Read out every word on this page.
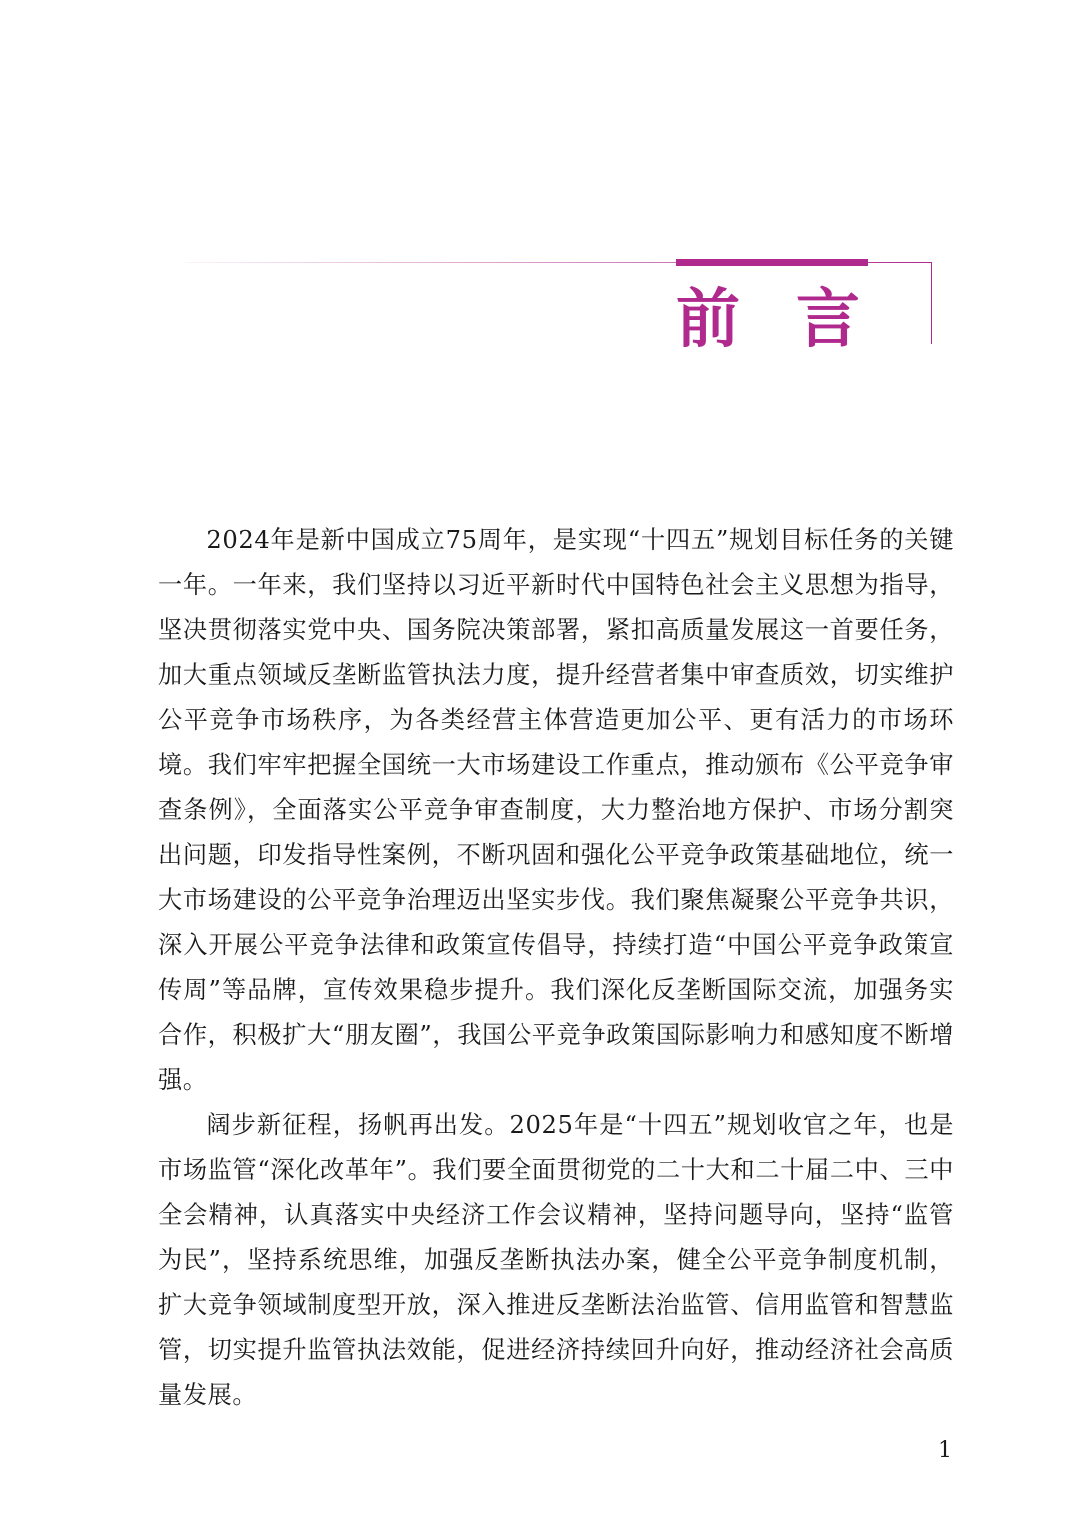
前言

2024年是新中国成立75周年，是实现“十四五”规划目标任务的关键一年。一年来，我们坚持以习近平新时代中国特色社会主义思想为指导，坚决贯彻落实党中央、国务院决策部署，紧扣高质量发展这一首要任务，加大重点领域反垄断监管执法力度，提升经营者集中审查质效，切实维护公平竞争市场秩序，为各类经营主体营造更加公平、更有活力的市场环境。我们牢牢把握全国统一大市场建设工作重点，推动颁布《公平竞争审查条例》，全面落实公平竞争审查制度，大力整治地方保护、市场分割突出问题，印发指导性案例，不断巩固和强化公平竞争政策基础地位，统一大市场建设的公平竞争治理迈出坚实步伐。我们聚焦凝聚公平竞争共识，深入开展公平竞争法律和政策宣传倡导，持续打造“中国公平竞争政策宣传周”等品牌，宣传效果稳步提升。我们深化反垄断国际交流，加强务实合作，积极扩大“朋友圈”，我国公平竞争政策国际影响力和感知度不断增强。

阔步新征程，扬帆再出发。2025年是“十四五”规划收官之年，也是市场监管“深化改革年”。我们要全面贯彻党的二十大和二十届二中、三中全会精神，认真落实中央经济工作会议精神，坚持问题导向，坚持“监管为民”，坚持系统思维，加强反垄断执法办案，健全公平竞争制度机制，扩大竞争领域制度型开放，深入推进反垄断法治监管、信用监管和智慧监管，切实提升监管执法效能，促进经济持续回升向好，推动经济社会高质量发展。

1
